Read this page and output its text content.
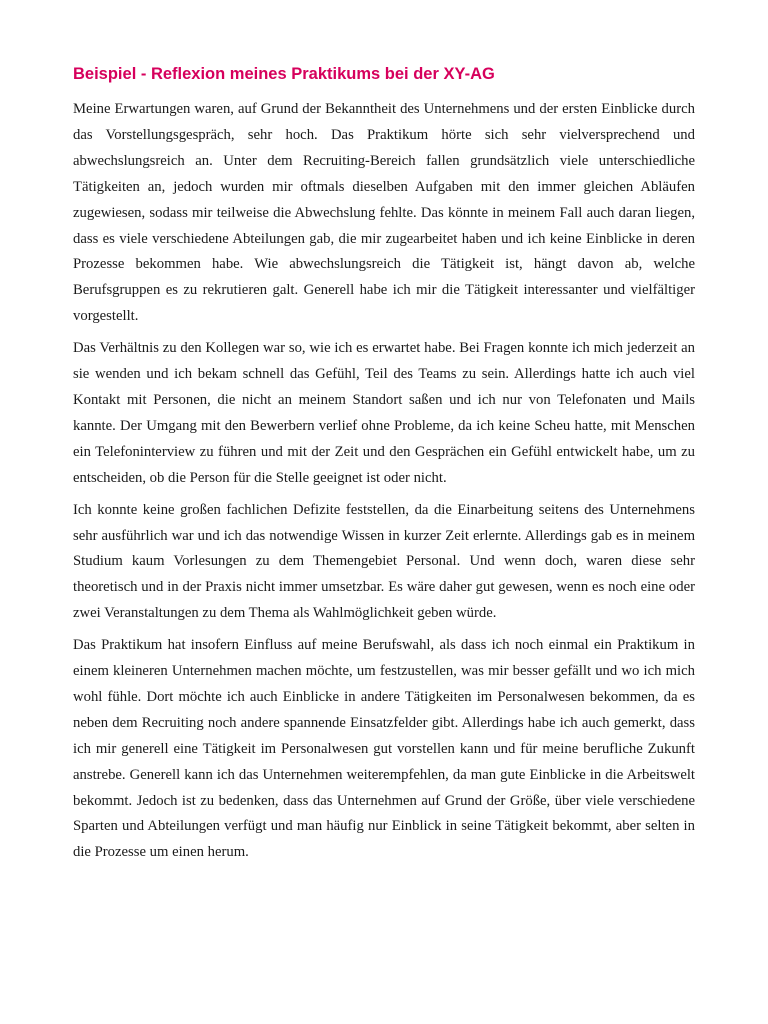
Beispiel - Reflexion meines Praktikums bei der XY-AG

Meine Erwartungen waren, auf Grund der Bekanntheit des Unternehmens und der ersten Einblicke durch das Vorstellungsgespräch, sehr hoch. Das Praktikum hörte sich sehr vielversprechend und abwechslungsreich an. Unter dem Recruiting-Bereich fallen grundsätzlich viele unterschiedliche Tätigkeiten an, jedoch wurden mir oftmals dieselben Aufgaben mit den immer gleichen Abläufen zugewiesen, sodass mir teilweise die Abwechslung fehlte. Das könnte in meinem Fall auch daran liegen, dass es viele verschiedene Abteilungen gab, die mir zugearbeitet haben und ich keine Einblicke in deren Prozesse bekommen habe. Wie abwechslungsreich die Tätigkeit ist, hängt davon ab, welche Berufsgruppen es zu rekrutieren galt. Generell habe ich mir die Tätigkeit interessanter und vielfältiger vorgestellt.

Das Verhältnis zu den Kollegen war so, wie ich es erwartet habe. Bei Fragen konnte ich mich jederzeit an sie wenden und ich bekam schnell das Gefühl, Teil des Teams zu sein. Allerdings hatte ich auch viel Kontakt mit Personen, die nicht an meinem Standort saßen und ich nur von Telefonaten und Mails kannte. Der Umgang mit den Bewerbern verlief ohne Probleme, da ich keine Scheu hatte, mit Menschen ein Telefoninterview zu führen und mit der Zeit und den Gesprächen ein Gefühl entwickelt habe, um zu entscheiden, ob die Person für die Stelle geeignet ist oder nicht.

Ich konnte keine großen fachlichen Defizite feststellen, da die Einarbeitung seitens des Unternehmens sehr ausführlich war und ich das notwendige Wissen in kurzer Zeit erlernte. Allerdings gab es in meinem Studium kaum Vorlesungen zu dem Themengebiet Personal. Und wenn doch, waren diese sehr theoretisch und in der Praxis nicht immer umsetzbar. Es wäre daher gut gewesen, wenn es noch eine oder zwei Veranstaltungen zu dem Thema als Wahlmöglichkeit geben würde.

Das Praktikum hat insofern Einfluss auf meine Berufswahl, als dass ich noch einmal ein Praktikum in einem kleineren Unternehmen machen möchte, um festzustellen, was mir besser gefällt und wo ich mich wohl fühle. Dort möchte ich auch Einblicke in andere Tätigkeiten im Personalwesen bekommen, da es neben dem Recruiting noch andere spannende Einsatzfelder gibt. Allerdings habe ich auch gemerkt, dass ich mir generell eine Tätigkeit im Personalwesen gut vorstellen kann und für meine berufliche Zukunft anstrebe. Generell kann ich das Unternehmen weiterempfehlen, da man gute Einblicke in die Arbeitswelt bekommt. Jedoch ist zu bedenken, dass das Unternehmen auf Grund der Größe, über viele verschiedene Sparten und Abteilungen verfügt und man häufig nur Einblick in seine Tätigkeit bekommt, aber selten in die Prozesse um einen herum.
